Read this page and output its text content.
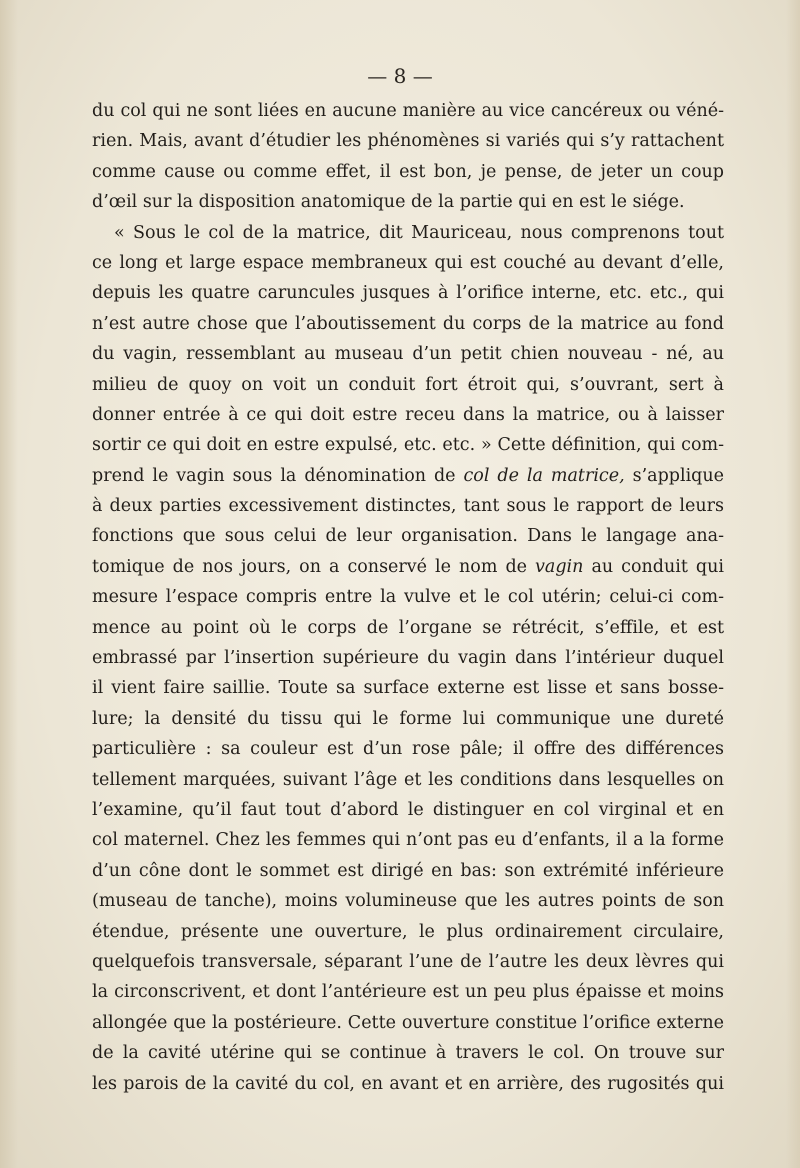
— 8 —
du col qui ne sont liées en aucune manière au vice cancéreux ou véné-
rien. Mais, avant d’étudier les phénomènes si variés qui s’y rattachent
comme cause ou comme effet, il est bon, je pense, de jeter un coup
d’œil sur la disposition anatomique de la partie qui en est le siége.
« Sous le col de la matrice, dit Mauriceau, nous comprenons tout
ce long et large espace membraneux qui est couché au devant d’elle,
depuis les quatre caruncules jusques à l’orifice interne, etc. etc., qui
n’est autre chose que l’aboutissement du corps de la matrice au fond
du vagin, ressemblant au museau d’un petit chien nouveau - né, au
milieu de quoy on voit un conduit fort étroit qui, s’ouvrant, sert à
donner entrée à ce qui doit estre receu dans la matrice, ou à laisser
sortir ce qui doit en estre expulsé, etc. etc. » Cette définition, qui com-
prend le vagin sous la dénomination de col de la matrice, s’applique
à deux parties excessivement distinctes, tant sous le rapport de leurs
fonctions que sous celui de leur organisation. Dans le langage ana-
tomique de nos jours, on a conservé le nom de vagin au conduit qui
mesure l’espace compris entre la vulve et le col utérin; celui-ci com-
mence au point où le corps de l’organe se rétrécit, s’effile, et est
embrassé par l’insertion supérieure du vagin dans l’intérieur duquel
il vient faire saillie. Toute sa surface externe est lisse et sans bosse-
lure; la densité du tissu qui le forme lui communique une dureté
particulière : sa couleur est d’un rose pâle; il offre des différences
tellement marquées, suivant l’âge et les conditions dans lesquelles on
l’examine, qu’il faut tout d’abord le distinguer en col virginal et en
col maternel. Chez les femmes qui n’ont pas eu d’enfants, il a la forme
d’un cône dont le sommet est dirigé en bas: son extrémité inférieure
(museau de tanche), moins volumineuse que les autres points de son
étendue, présente une ouverture, le plus ordinairement circulaire,
quelquefois transversale, séparant l’une de l’autre les deux lèvres qui
la circonscrivent, et dont l’antérieure est un peu plus épaisse et moins
allongée que la postérieure. Cette ouverture constitue l’orifice externe
de la cavité utérine qui se continue à travers le col. On trouve sur
les parois de la cavité du col, en avant et en arrière, des rugosités qui
